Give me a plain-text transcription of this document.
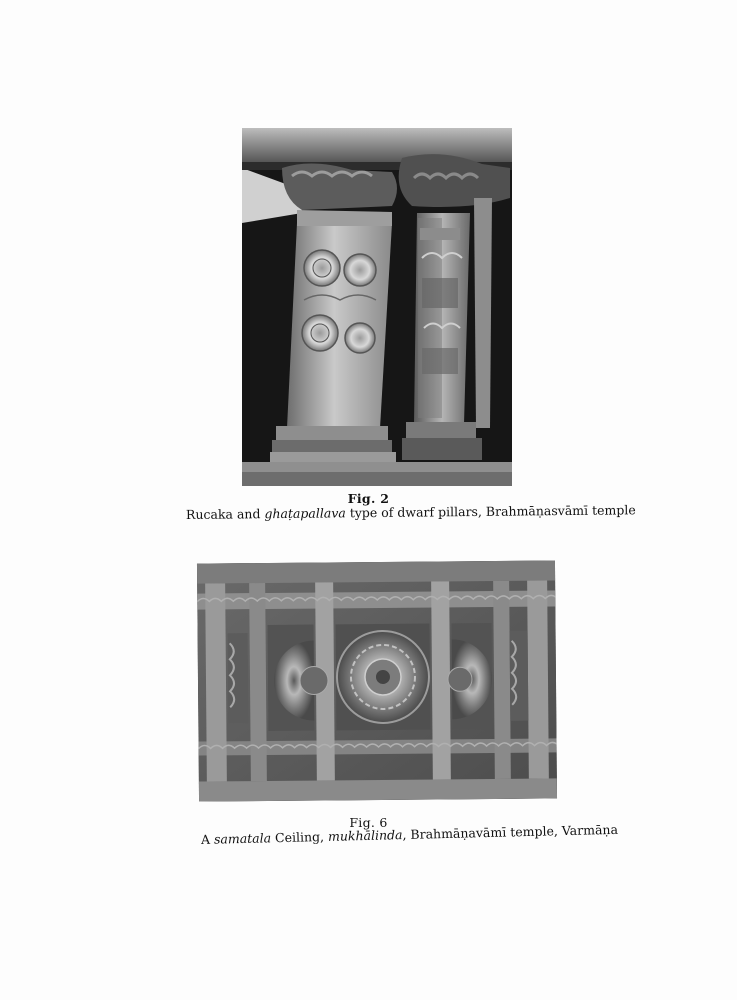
Fig. 2
Rucaka and ghaṭapallava type of dwarf pillars, Brahmāṇasvāmī temple
Fig. 6
A samatala Ceiling, mukhālinda, Brahmāṇavāmī temple, Varmāṇa
